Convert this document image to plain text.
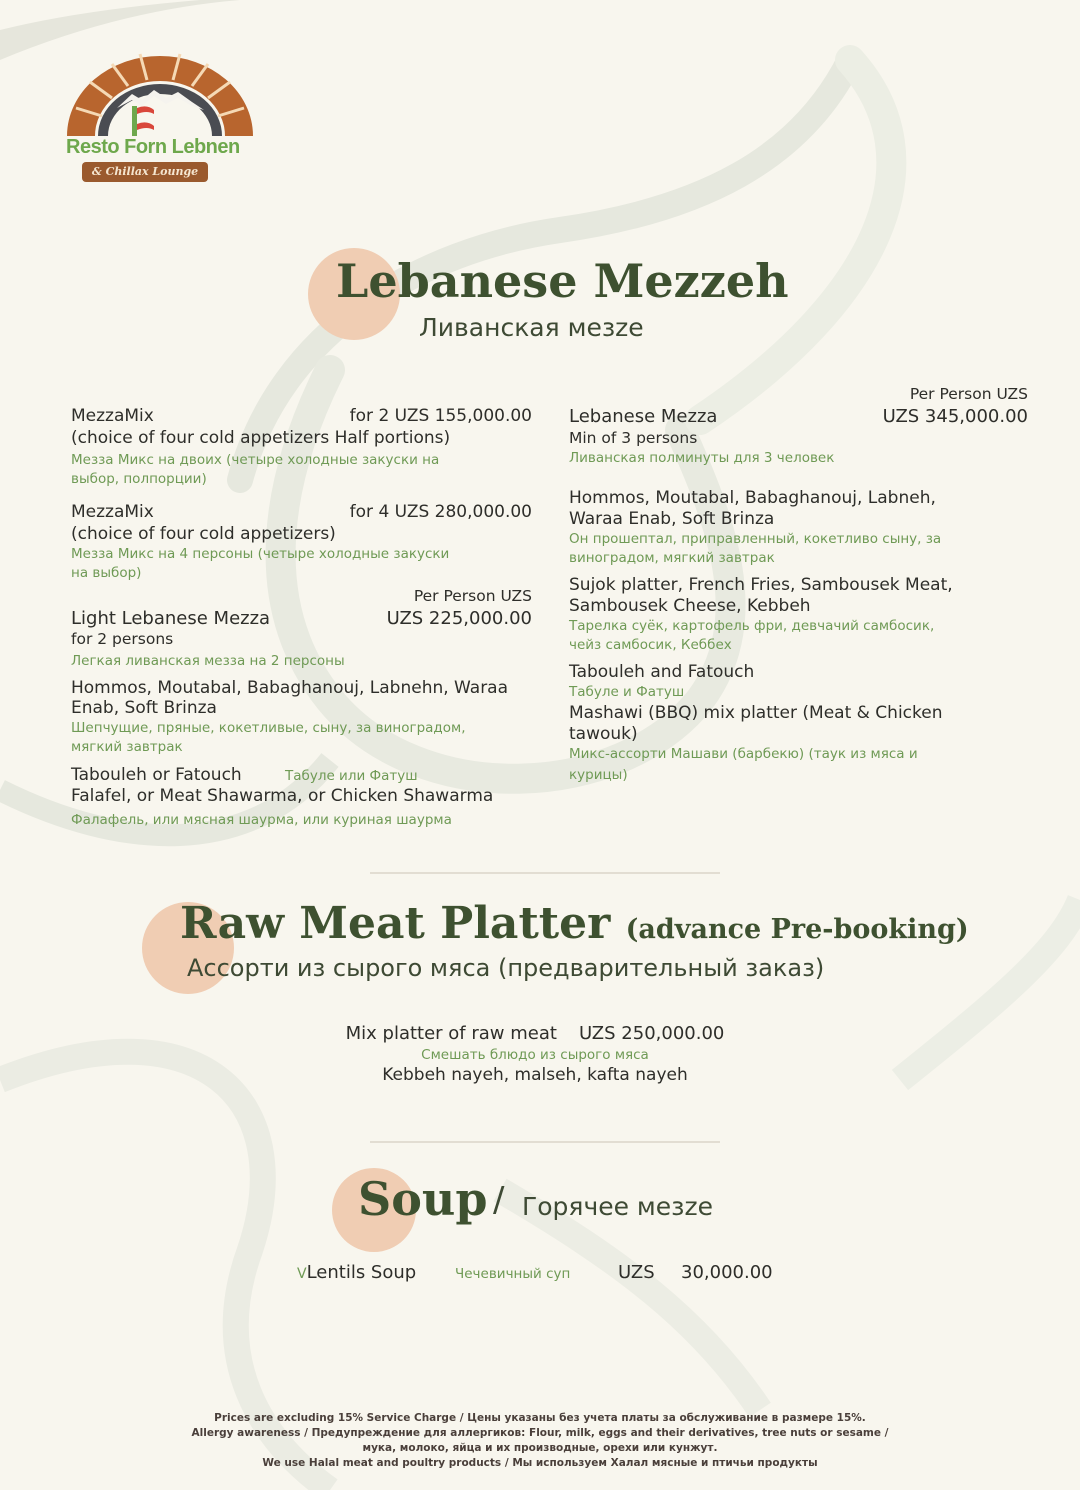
Resto Forn Lebnen
& Chillax Lounge
Lebanese Mezzeh
Ливанская мезze
MezzaMix	for 2 UZS 155,000.00
(choice of four cold appetizers Half portions)
Мезза Микс на двоих (четыре холодные закуски на
выбор, полпорции)
MezzaMix	for 4 UZS 280,000.00
(choice of four cold appetizers)
Мезза Микс на 4 персоны (четыре холодные закуски
на выбор)
Per Person UZS
Light Lebanese Mezza	UZS 225,000.00
for 2 persons
Легкая ливанская мезза на 2 персоны
Hommos, Moutabal, Babaghanouj, Labnehn, Waraa
Enab, Soft Brinza
Шепчущие, пряные, кокетливые, сыну, за виноградом,
мягкий завтрак
Tabouleh or Fatouch	Табуле или Фатуш
Falafel, or Meat Shawarma, or Chicken Shawarma
Фалафель, или мясная шаурма, или куриная шаурма
Per Person UZS
Lebanese Mezza	UZS 345,000.00
Min of 3 persons
Ливанская полминуты для 3 человек
Hommos, Moutabal, Babaghanouj, Labneh,
Waraa Enab, Soft Brinza
Он прошептал, приправленный, кокетливо сыну, за
виноградом, мягкий завтрак
Sujok platter, French Fries, Sambousek Meat,
Sambousek Cheese, Kebbeh
Тарелка суёк, картофель фри, девчачий самбосик,
чейз самбосик, Кеббех
Tabouleh and Fatouch
Табуле и Фатуш
Mashawi (BBQ) mix platter (Meat & Chicken
tawouk)
Микс-ассорти Машави (барбекю) (таук из мяса и
курицы)
Raw Meat Platter (advance Pre-booking)
Ассорти из сырого мяса (предварительный заказ)
Mix platter of raw meat UZS 250,000.00
Смешать блюдо из сырого мяса
Kebbeh nayeh, malseh, kafta nayeh
Soup / Горячее мезze
VLentils Soup	Чечевичный суп	UZS 30,000.00
Prices are excluding 15% Service Charge / Цены указаны без учета платы за обслуживание в размере 15%.
Allergy awareness / Предупреждение для аллергиков: Flour, milk, eggs and their derivatives, tree nuts or sesame /
мука, молоко, яйца и их производные, орехи или кунжут.
We use Halal meat and poultry products / Мы используем Халал мясные и птичьи продукты
